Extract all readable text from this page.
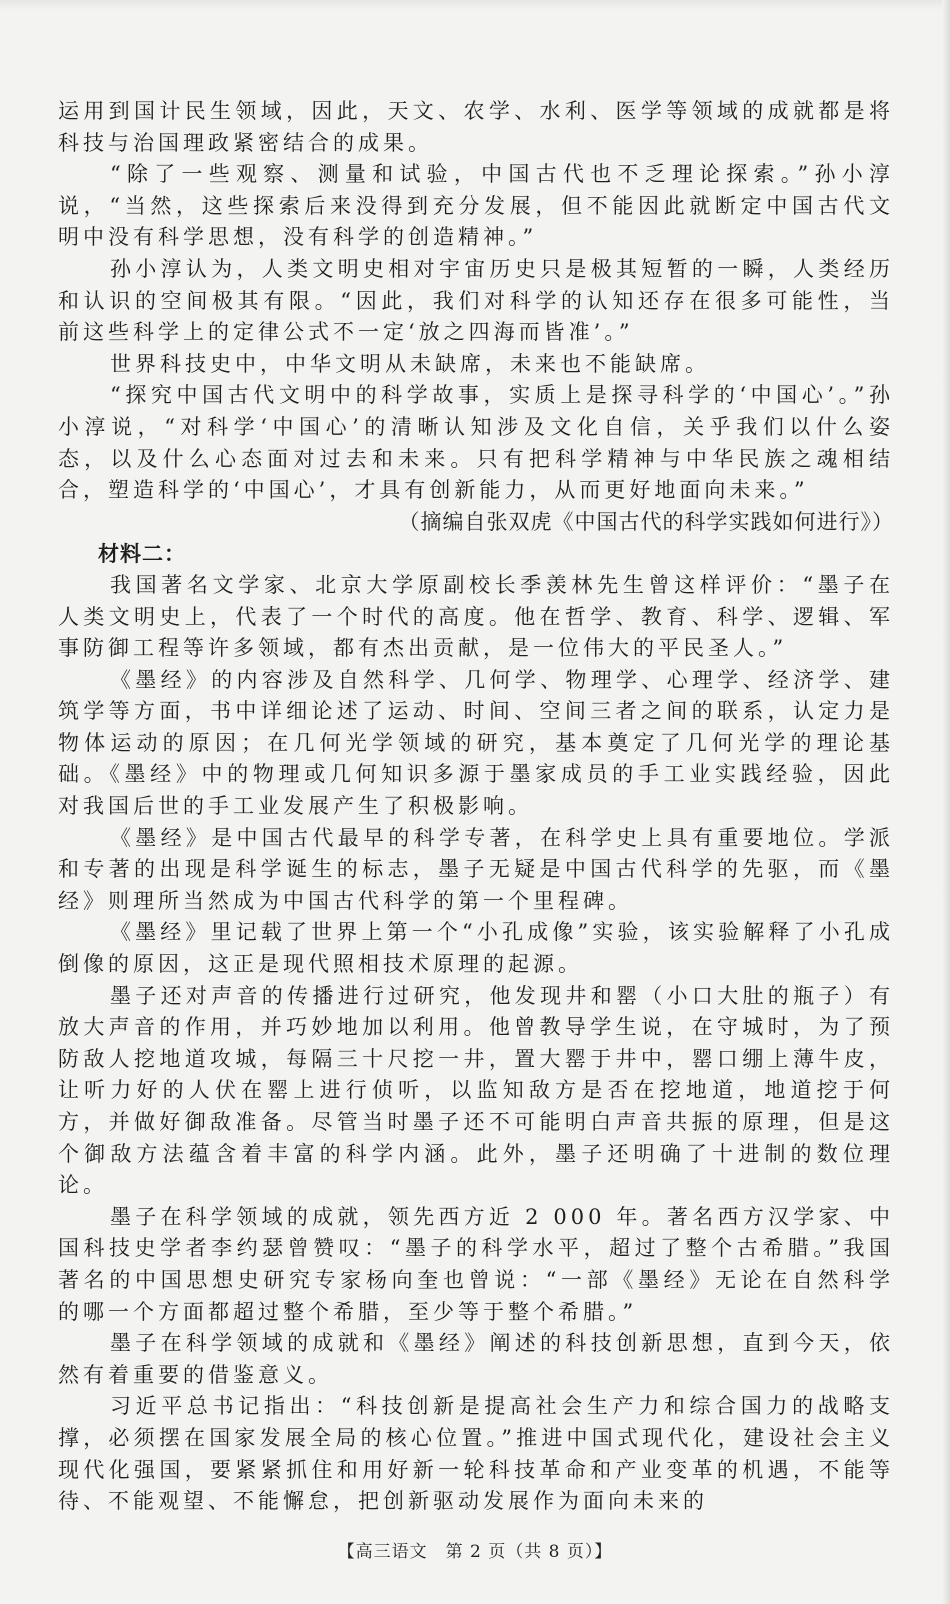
运用到国计民生领域，因此，天文、农学、水利、医学等领域的成就都是将科技与治国理政紧密结合的成果。

“除了一些观察、测量和试验，中国古代也不乏理论探索。”孙小淳说，“当然，这些探索后来没得到充分发展，但不能因此就断定中国古代文明中没有科学思想，没有科学的创造精神。”

孙小淳认为，人类文明史相对宇宙历史只是极其短暂的一瞬，人类经历和认识的空间极其有限。“因此，我们对科学的认知还存在很多可能性，当前这些科学上的定律公式不一定‘放之四海而皆准’。”

世界科技史中，中华文明从未缺席，未来也不能缺席。

“探究中国古代文明中的科学故事，实质上是探寻科学的‘中国心’。”孙小淳说，“对科学‘中国心’的清晰认知涉及文化自信，关乎我们以什么姿态，以及什么心态面对过去和未来。只有把科学精神与中华民族之魂相结合，塑造科学的‘中国心’，才具有创新能力，从而更好地面向未来。”

（摘编自张双虎《中国古代的科学实践如何进行》）

材料二：

我国著名文学家、北京大学原副校长季羡林先生曾这样评价：“墨子在人类文明史上，代表了一个时代的高度。他在哲学、教育、科学、逻辑、军事防御工程等许多领域，都有杰出贡献，是一位伟大的平民圣人。”

《墨经》的内容涉及自然科学、几何学、物理学、心理学、经济学、建筑学等方面，书中详细论述了运动、时间、空间三者之间的联系，认定力是物体运动的原因；在几何光学领域的研究，基本奠定了几何光学的理论基础。《墨经》中的物理或几何知识多源于墨家成员的手工业实践经验，因此对我国后世的手工业发展产生了积极影响。

《墨经》是中国古代最早的科学专著，在科学史上具有重要地位。学派和专著的出现是科学诞生的标志，墨子无疑是中国古代科学的先驱，而《墨经》则理所当然成为中国古代科学的第一个里程碑。

《墨经》里记载了世界上第一个“小孔成像”实验，该实验解释了小孔成倒像的原因，这正是现代照相技术原理的起源。

墨子还对声音的传播进行过研究，他发现井和罂（小口大肚的瓶子）有放大声音的作用，并巧妙地加以利用。他曾教导学生说，在守城时，为了预防敌人挖地道攻城，每隔三十尺挖一井，置大罂于井中，罂口绷上薄牛皮，让听力好的人伏在罂上进行侦听，以监知敌方是否在挖地道，地道挖于何方，并做好御敌准备。尽管当时墨子还不可能明白声音共振的原理，但是这个御敌方法蕴含着丰富的科学内涵。此外，墨子还明确了十进制的数位理论。

墨子在科学领域的成就，领先西方近 2 000 年。著名西方汉学家、中国科技史学者李约瑟曾赞叹：“墨子的科学水平，超过了整个古希腊。”我国著名的中国思想史研究专家杨向奎也曾说：“一部《墨经》无论在自然科学的哪一个方面都超过整个希腊，至少等于整个希腊。”

墨子在科学领域的成就和《墨经》阐述的科技创新思想，直到今天，依然有着重要的借鉴意义。

习近平总书记指出：“科技创新是提高社会生产力和综合国力的战略支撑，必须摆在国家发展全局的核心位置。”推进中国式现代化，建设社会主义现代化强国，要紧紧抓住和用好新一轮科技革命和产业变革的机遇，不能等待、不能观望、不能懈怠，把创新驱动发展作为面向未来的

【高三语文　第 2 页（共 8 页）】
